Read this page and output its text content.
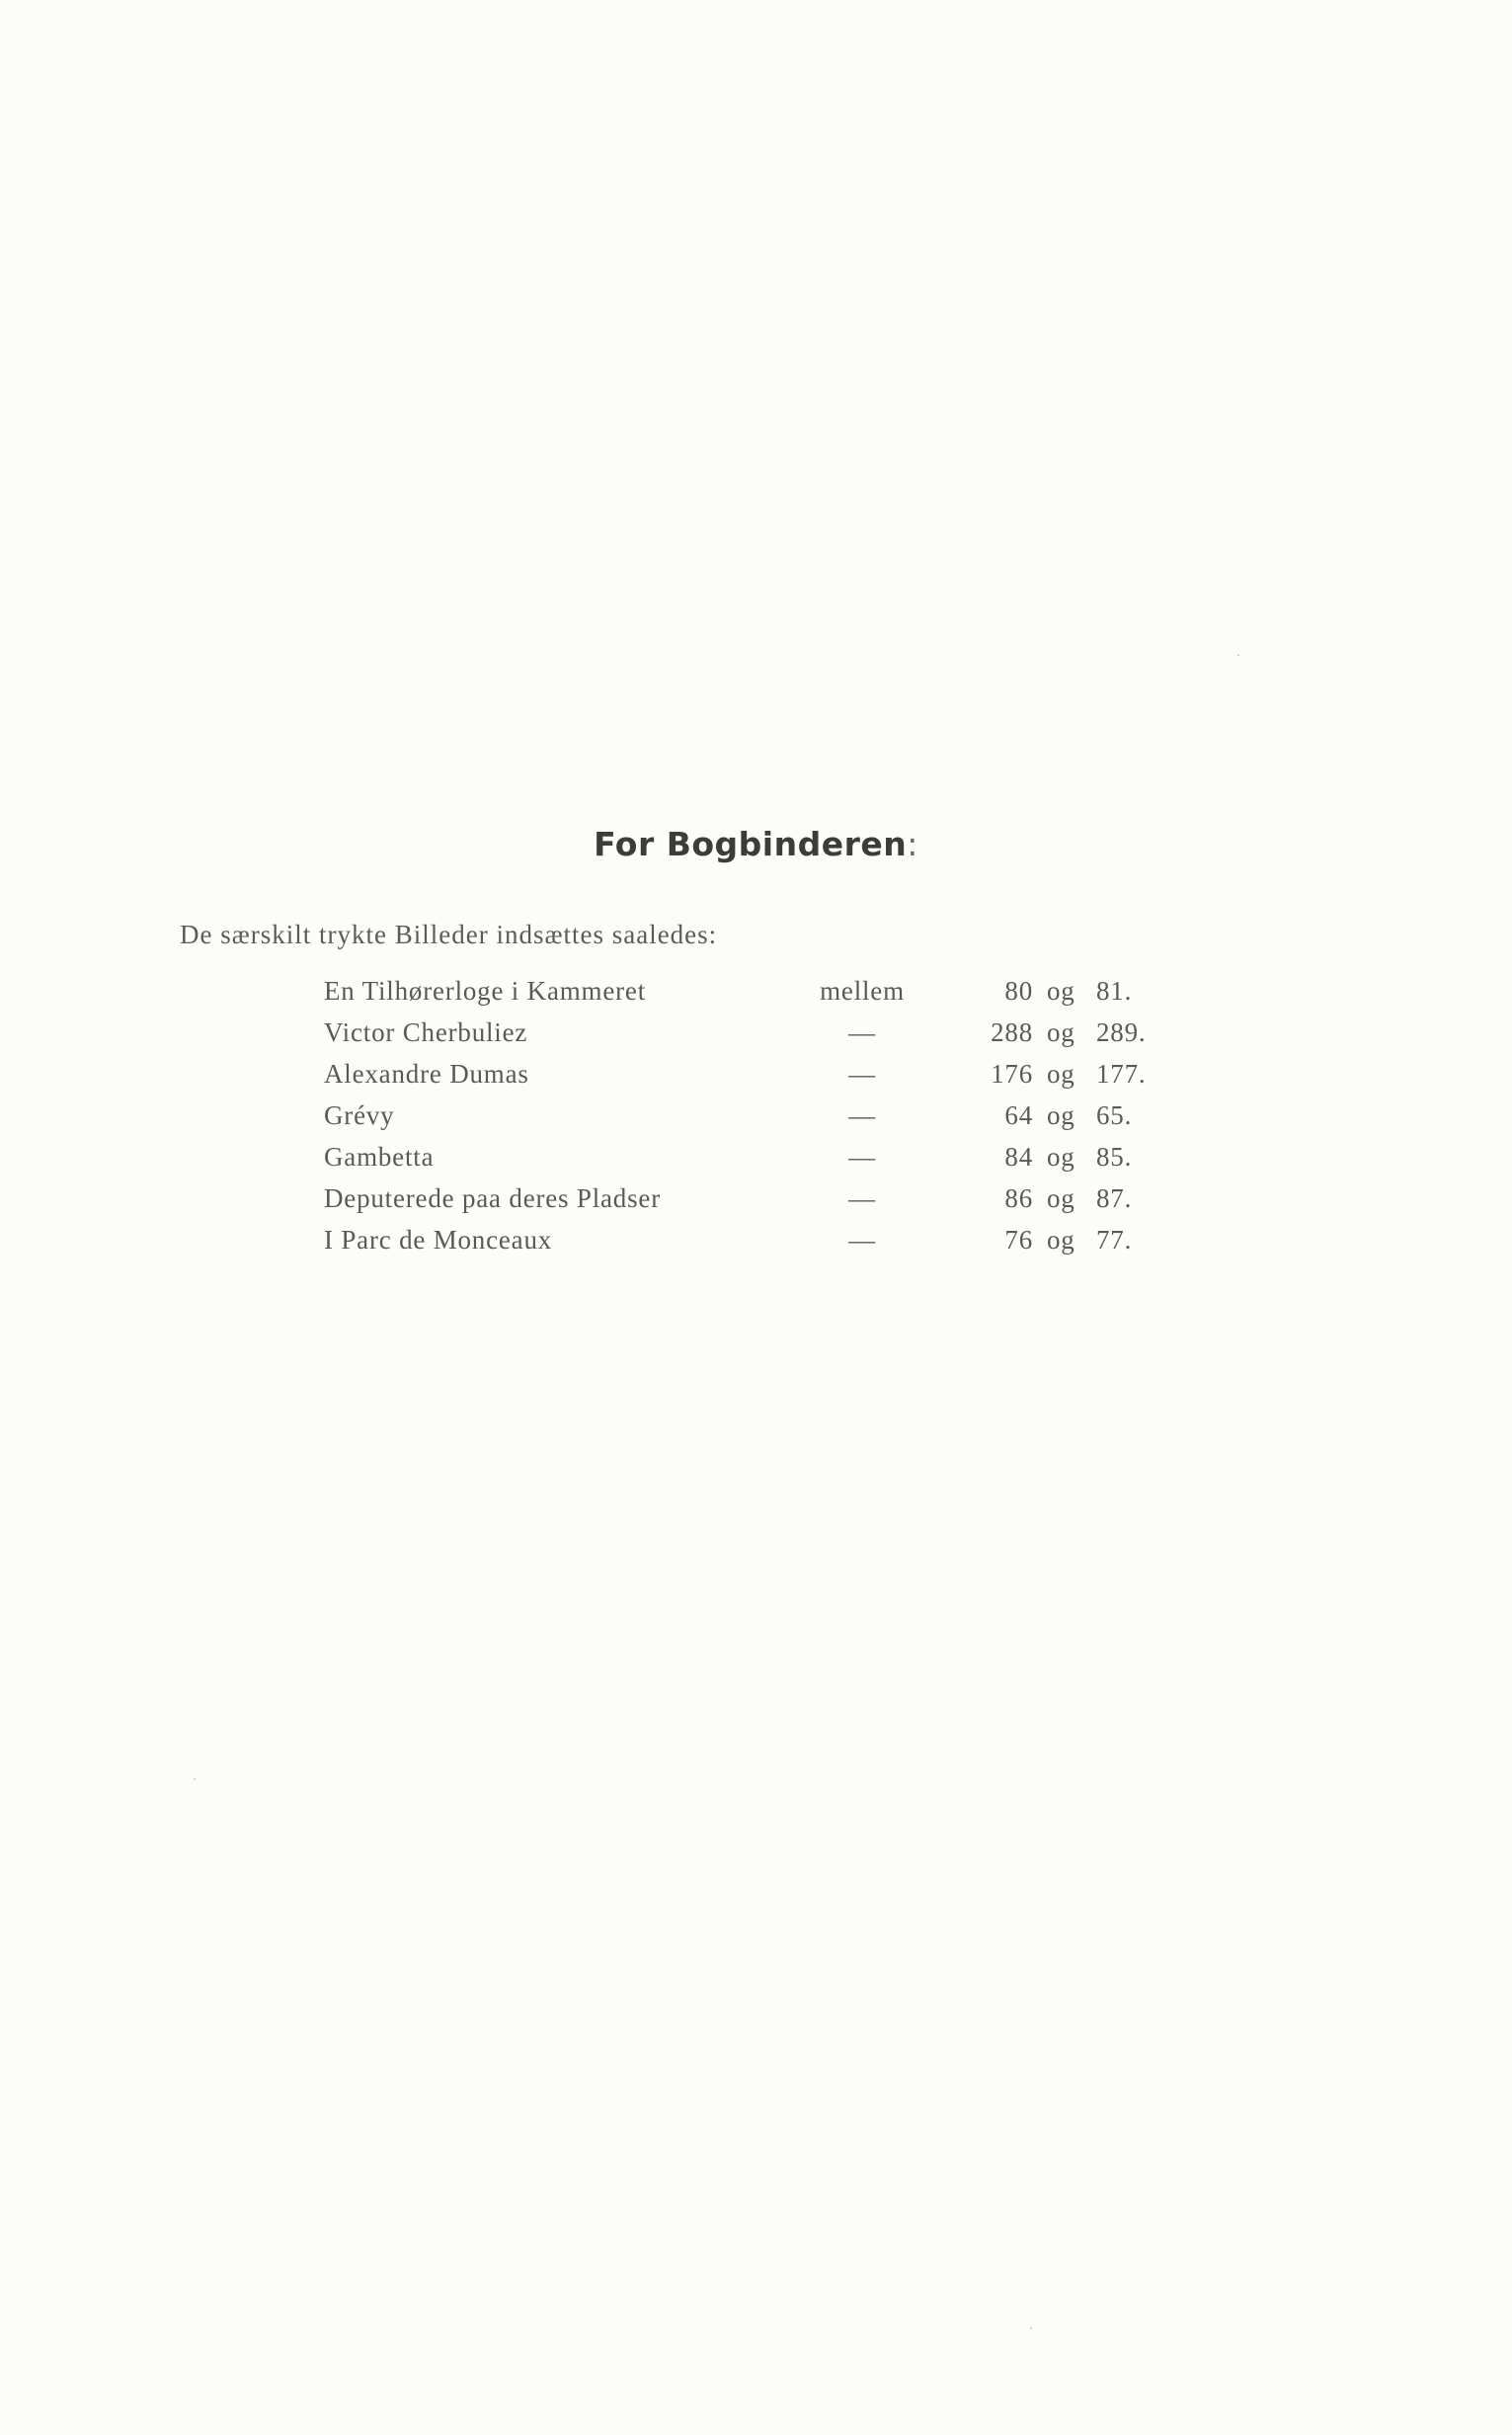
For Bogbinderen:
De særskilt trykte Billeder indsættes saaledes:
En Tilhørerloge i Kammeret	mellem	80 og 81.
Victor Cherbuliez	—	288 og 289.
Alexandre Dumas	—	176 og 177.
Grévy	—	64 og 65.
Gambetta	—	84 og 85.
Deputerede paa deres Pladser	—	86 og 87.
I Parc de Monceaux	—	76 og 77.
